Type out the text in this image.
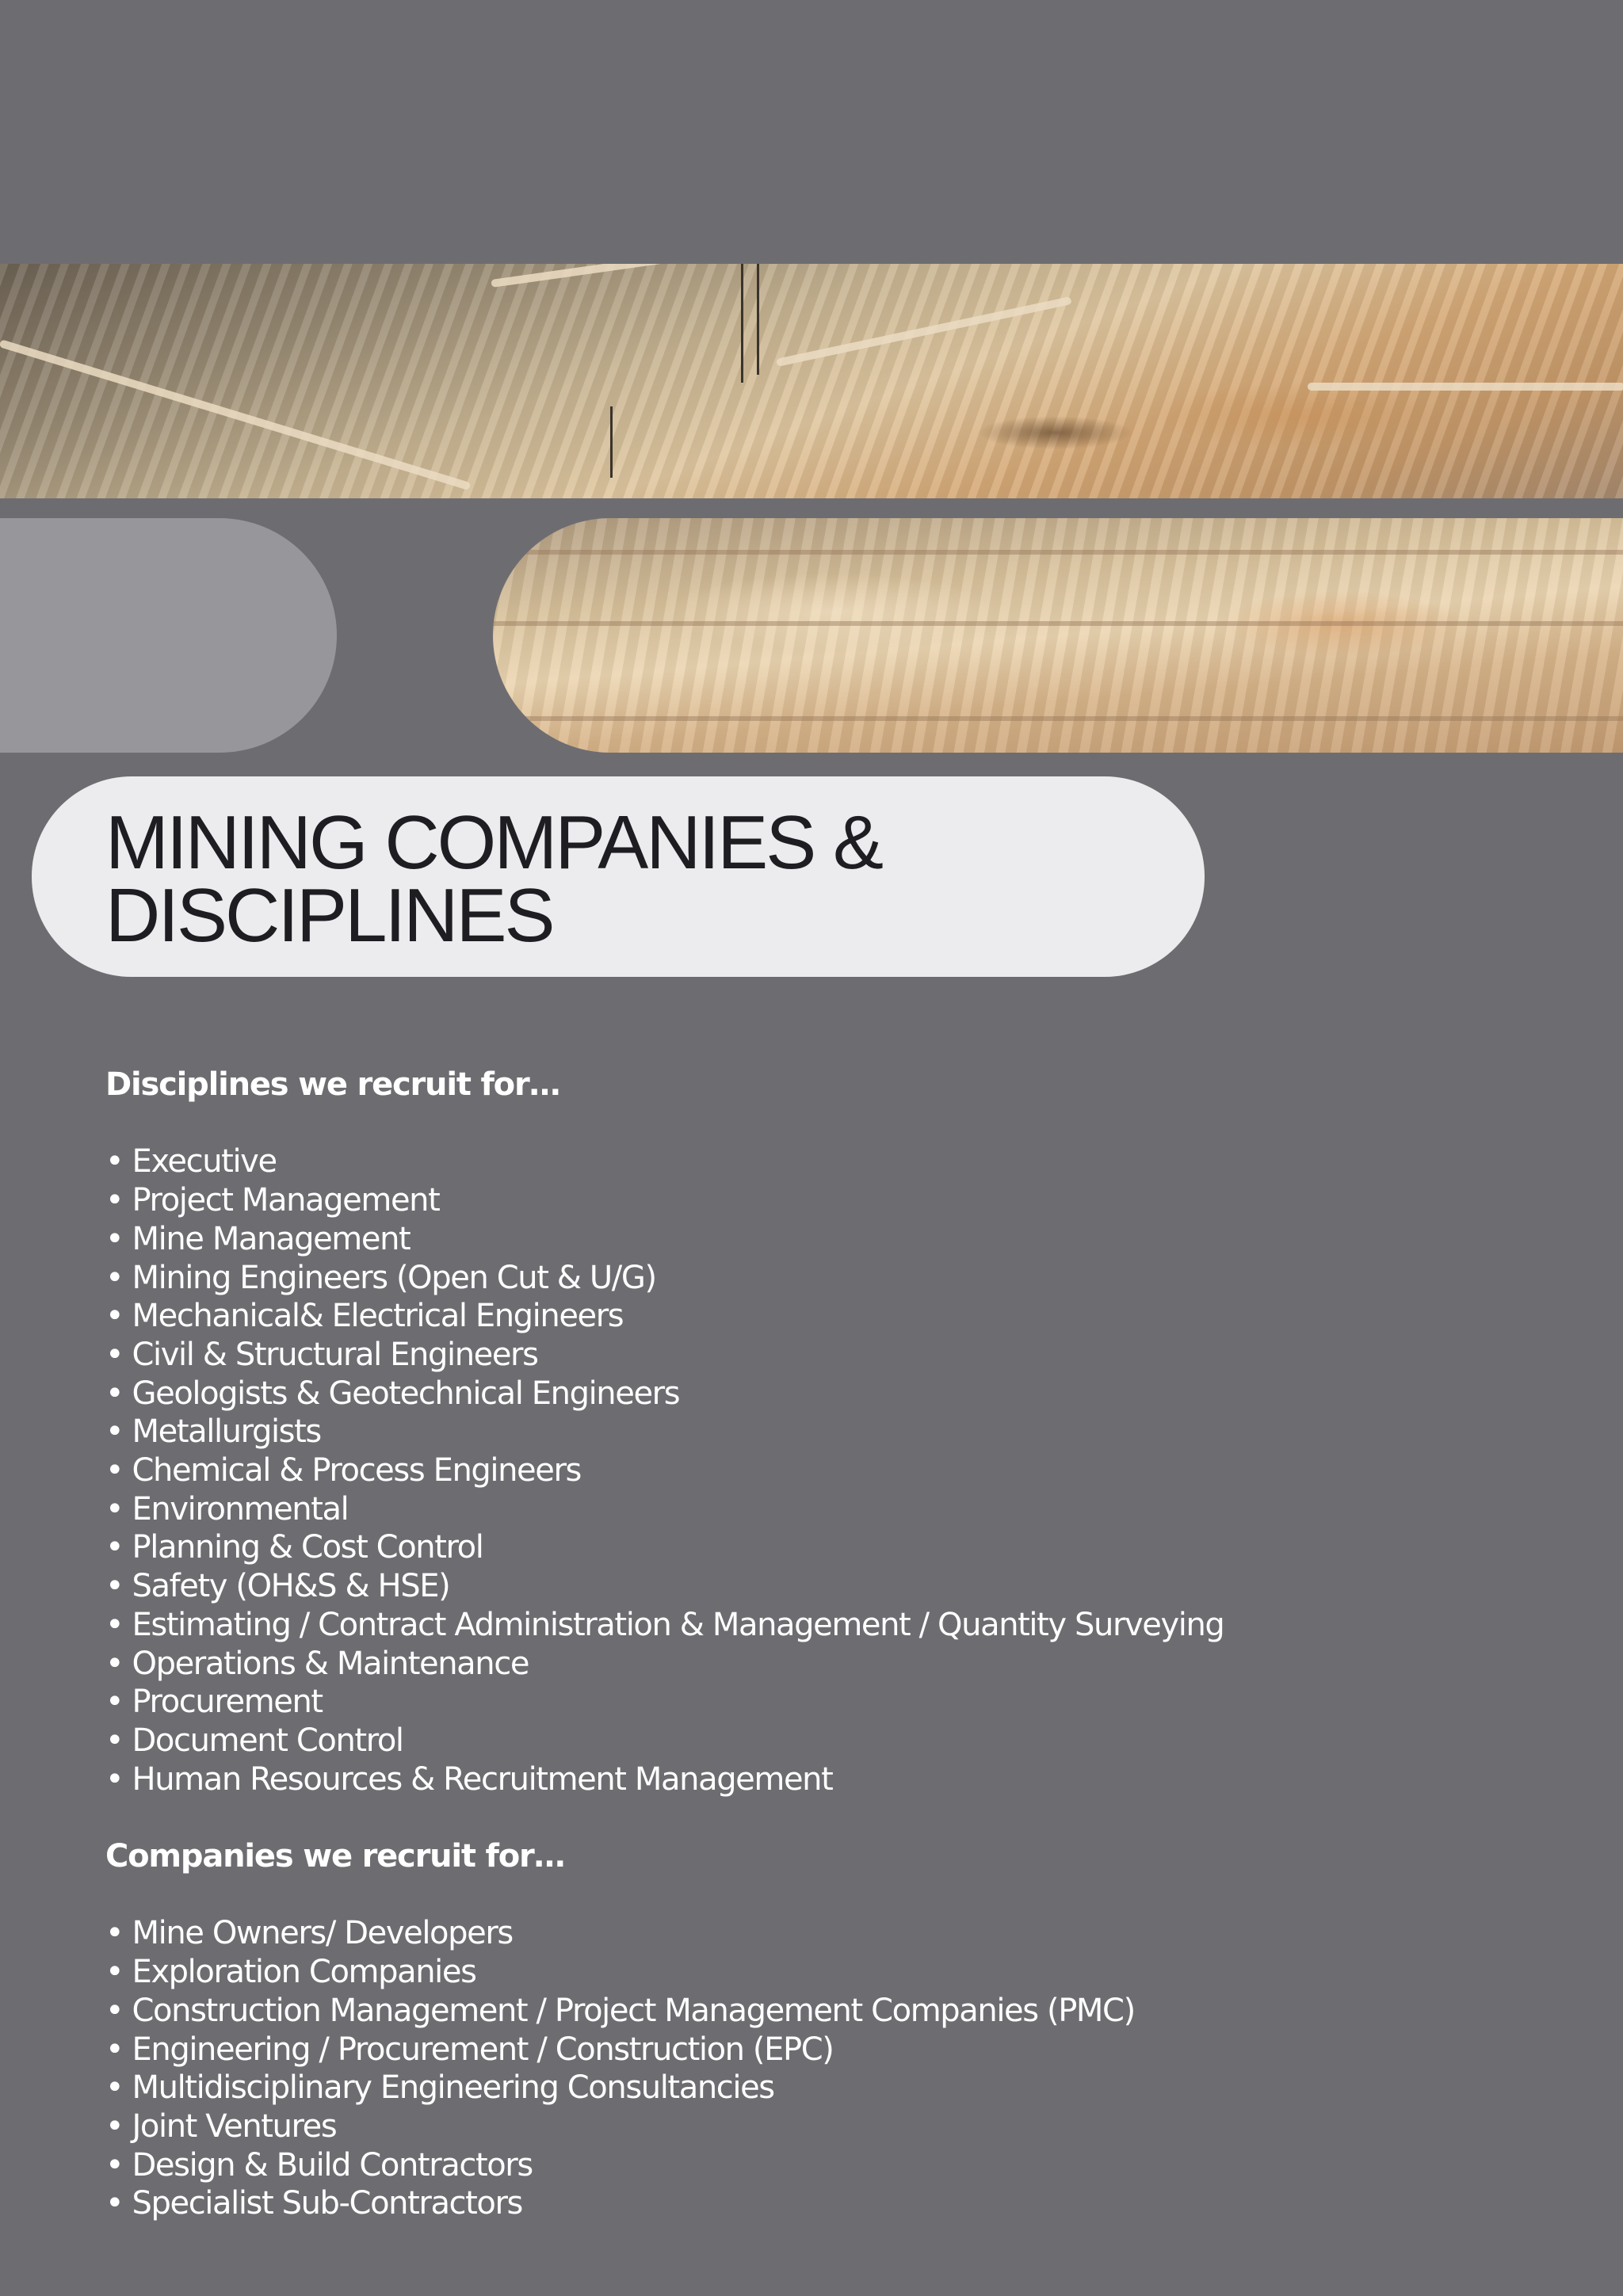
MINING COMPANIES &
DISCIPLINES
Disciplines we recruit for…
• Executive
• Project Management
• Mine Management
• Mining Engineers (Open Cut & U/G)
• Mechanical& Electrical Engineers
• Civil & Structural Engineers
• Geologists & Geotechnical Engineers
• Metallurgists
• Chemical & Process Engineers
• Environmental
• Planning & Cost Control
• Safety (OH&S & HSE)
• Estimating / Contract Administration & Management / Quantity Surveying
• Operations & Maintenance
• Procurement
• Document Control
• Human Resources & Recruitment Management
Companies we recruit for…
• Mine Owners/ Developers
• Exploration Companies
• Construction Management / Project Management Companies (PMC)
• Engineering / Procurement / Construction (EPC)
• Multidisciplinary Engineering Consultancies
• Joint Ventures
• Design & Build Contractors
• Specialist Sub-Contractors
